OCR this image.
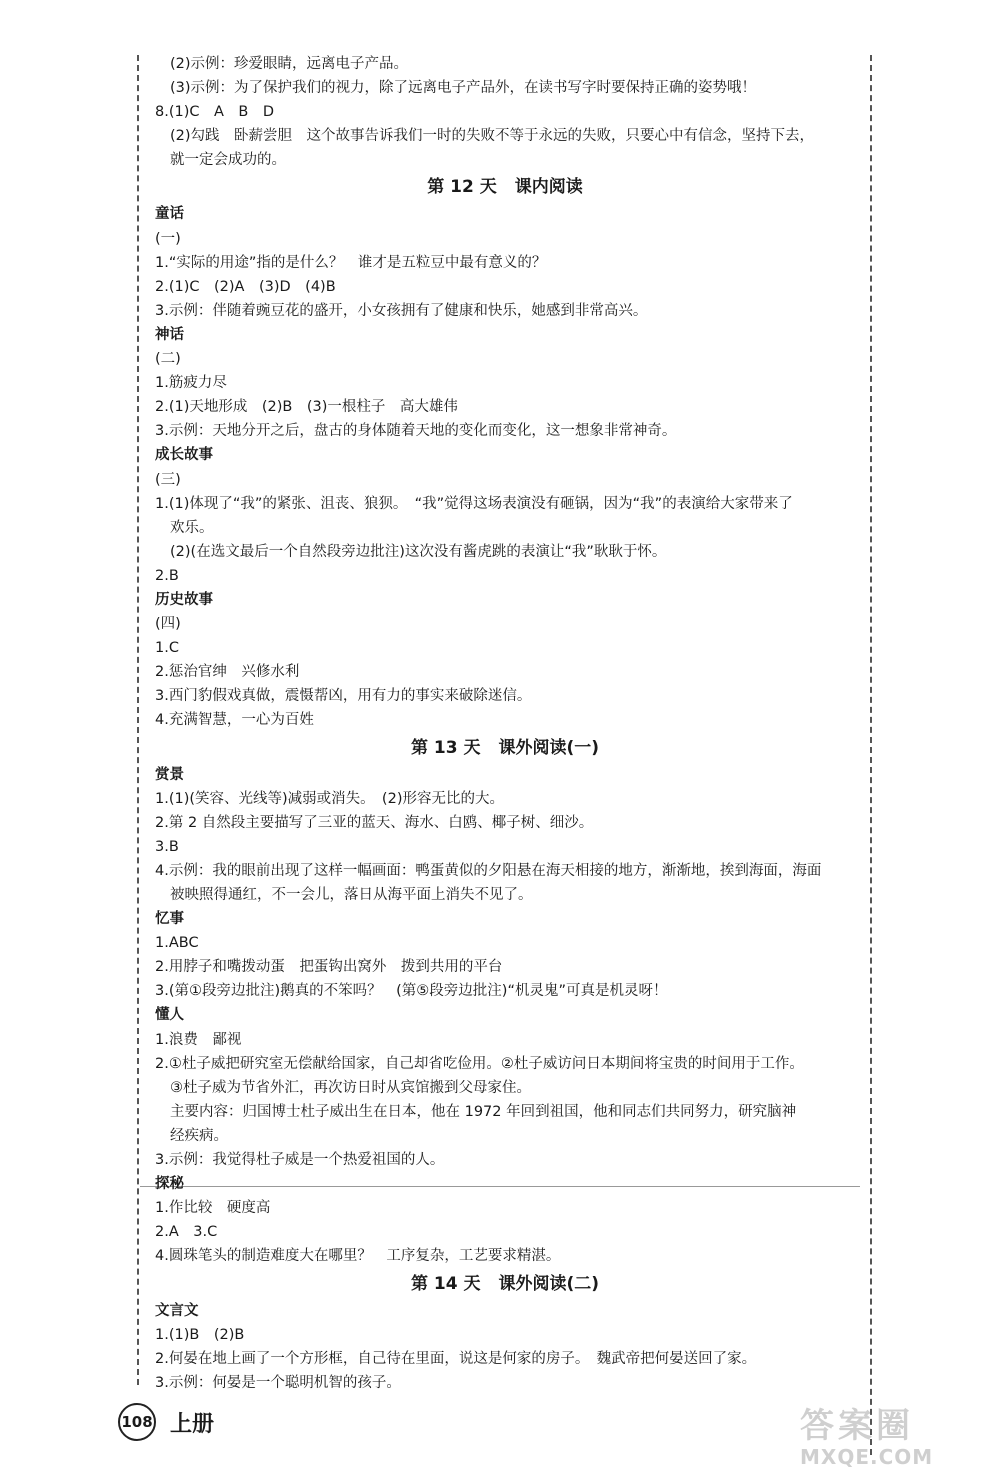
(2)示例：珍爱眼睛，远离电子产品。
(3)示例：为了保护我们的视力，除了远离电子产品外，在读书写字时要保持正确的姿势哦！
8.(1)C　A　B　D
(2)勾践　卧薪尝胆　这个故事告诉我们一时的失败不等于永远的失败，只要心中有信念，坚持下去，
就一定会成功的。
第 12 天 课内阅读
童话
(一)
1.“实际的用途”指的是什么？　谁才是五粒豆中最有意义的？
2.(1)C　(2)A　(3)D　(4)B
3.示例：伴随着豌豆花的盛开，小女孩拥有了健康和快乐，她感到非常高兴。
神话
(二)
1.筋疲力尽
2.(1)天地形成　(2)B　(3)一根柱子　高大雄伟
3.示例：天地分开之后，盘古的身体随着天地的变化而变化，这一想象非常神奇。
成长故事
(三)
1.(1)体现了“我”的紧张、沮丧、狼狈。　“我”觉得这场表演没有砸锅，因为“我”的表演给大家带来了
欢乐。
(2)(在选文最后一个自然段旁边批注)这次没有酱虎跳的表演让“我”耿耿于怀。
2.B
历史故事
(四)
1.C
2.惩治官绅　兴修水利
3.西门豹假戏真做，震慑帮凶，用有力的事实来破除迷信。
4.充满智慧，一心为百姓
第 13 天 课外阅读(一)
赏景
1.(1)(笑容、光线等)减弱或消失。　(2)形容无比的大。
2.第 2 自然段主要描写了三亚的蓝天、海水、白鸥、椰子树、细沙。
3.B
4.示例：我的眼前出现了这样一幅画面：鸭蛋黄似的夕阳悬在海天相接的地方，渐渐地，挨到海面，海面
被映照得通红，不一会儿，落日从海平面上消失不见了。
忆事
1.ABC
2.用脖子和嘴拨动蛋　把蛋钩出窝外　拨到共用的平台
3.(第①段旁边批注)鹅真的不笨吗？　(第⑤段旁边批注)“机灵鬼”可真是机灵呀！
懂人
1.浪费　鄙视
2.①杜子威把研究室无偿献给国家，自己却省吃俭用。②杜子威访问日本期间将宝贵的时间用于工作。
③杜子威为节省外汇，再次访日时从宾馆搬到父母家住。
主要内容：归国博士杜子威出生在日本，他在 1972 年回到祖国，他和同志们共同努力，研究脑神
经疾病。
3.示例：我觉得杜子威是一个热爱祖国的人。
探秘
1.作比较　硬度高
2.A　3.C
4.圆珠笔头的制造难度大在哪里？　工序复杂，工艺要求精湛。
第 14 天 课外阅读(二)
文言文
1.(1)B　(2)B
2.何晏在地上画了一个方形框，自己待在里面，说这是何家的房子。　魏武帝把何晏送回了家。
3.示例：何晏是一个聪明机智的孩子。
108 上册	答案圈
MXQE.COM
